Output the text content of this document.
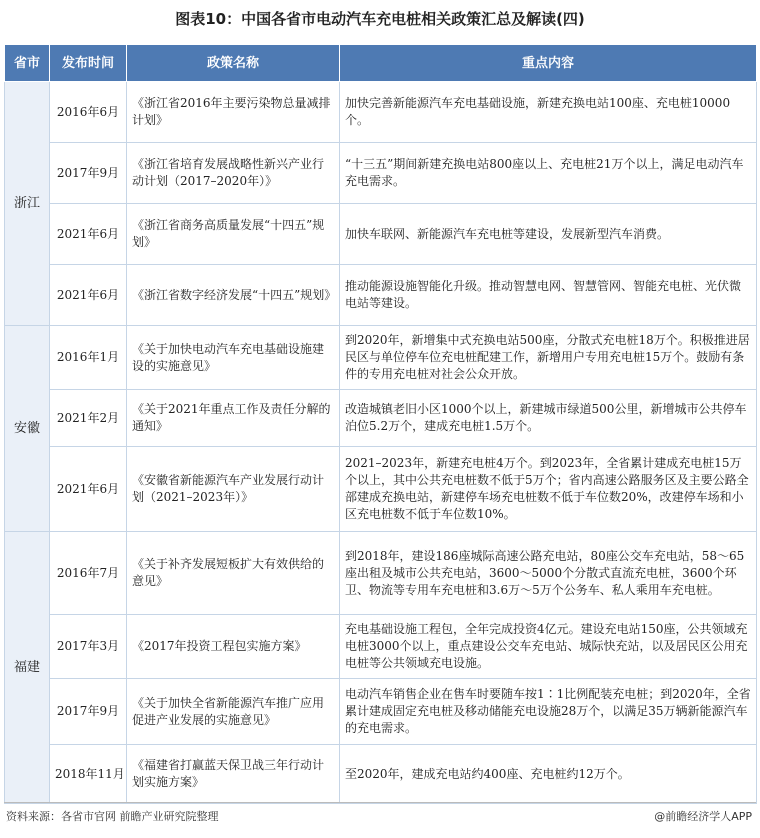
图表10：中国各省市电动汽车充电桩相关政策汇总及解读(四)
省市	发布时间	政策名称	重点内容
浙江	2016年6月	《浙江省2016年主要污染物总量减排计划》	加快完善新能源汽车充电基础设施，新建充换电站100座、充电桩10000个。
	2017年9月	《浙江省培育发展战略性新兴产业行动计划（2017–2020年）》	“十三五”期间新建充换电站800座以上、充电桩21万个以上，满足电动汽车充电需求。
	2021年6月	《浙江省商务高质量发展“十四五”规划》	加快车联网、新能源汽车充电桩等建设，发展新型汽车消费。
	2021年6月	《浙江省数字经济发展“十四五”规划》	推动能源设施智能化升级。推动智慧电网、智慧管网、智能充电桩、光伏微电站等建设。
安徽	2016年1月	《关于加快电动汽车充电基础设施建设的实施意见》	到2020年，新增集中式充换电站500座，分散式充电桩18万个。积极推进居民区与单位停车位充电桩配建工作，新增用户专用充电桩15万个。鼓励有条件的专用充电桩对社会公众开放。
	2021年2月	《关于2021年重点工作及责任分解的通知》	改造城镇老旧小区1000个以上，新建城市绿道500公里，新增城市公共停车泊位5.2万个，建成充电桩1.5万个。
	2021年6月	《安徽省新能源汽车产业发展行动计划（2021–2023年）》	2021–2023年，新建充电桩4万个。到2023年，全省累计建成充电桩15万个以上，其中公共充电桩数不低于5万个；省内高速公路服务区及主要公路全部建成充换电站，新建停车场充电桩数不低于车位数20%，改建停车场和小区充电桩数不低于车位数10%。
福建	2016年7月	《关于补齐发展短板扩大有效供给的意见》	到2018年，建设186座城际高速公路充电站，80座公交车充电站，58～65座出租及城市公共充电站，3600～5000个分散式直流充电桩，3600个环卫、物流等专用车充电桩和3.6万～5万个公务车、私人乘用车充电桩。
	2017年3月	《2017年投资工程包实施方案》	充电基础设施工程包，全年完成投资4亿元。建设充电站150座，公共领域充电桩3000个以上，重点建设公交车充电站、城际快充站，以及居民区公用充电桩等公共领域充电设施。
	2017年9月	《关于加快全省新能源汽车推广应用促进产业发展的实施意见》	电动汽车销售企业在售车时要随车按1∶1比例配装充电桩；到2020年，全省累计建成固定充电桩及移动储能充电设施28万个，以满足35万辆新能源汽车的充电需求。
	2018年11月	《福建省打赢蓝天保卫战三年行动计划实施方案》	至2020年，建成充电站约400座、充电桩约12万个。
资料来源：各省市官网 前瞻产业研究院整理	@前瞻经济学人APP
